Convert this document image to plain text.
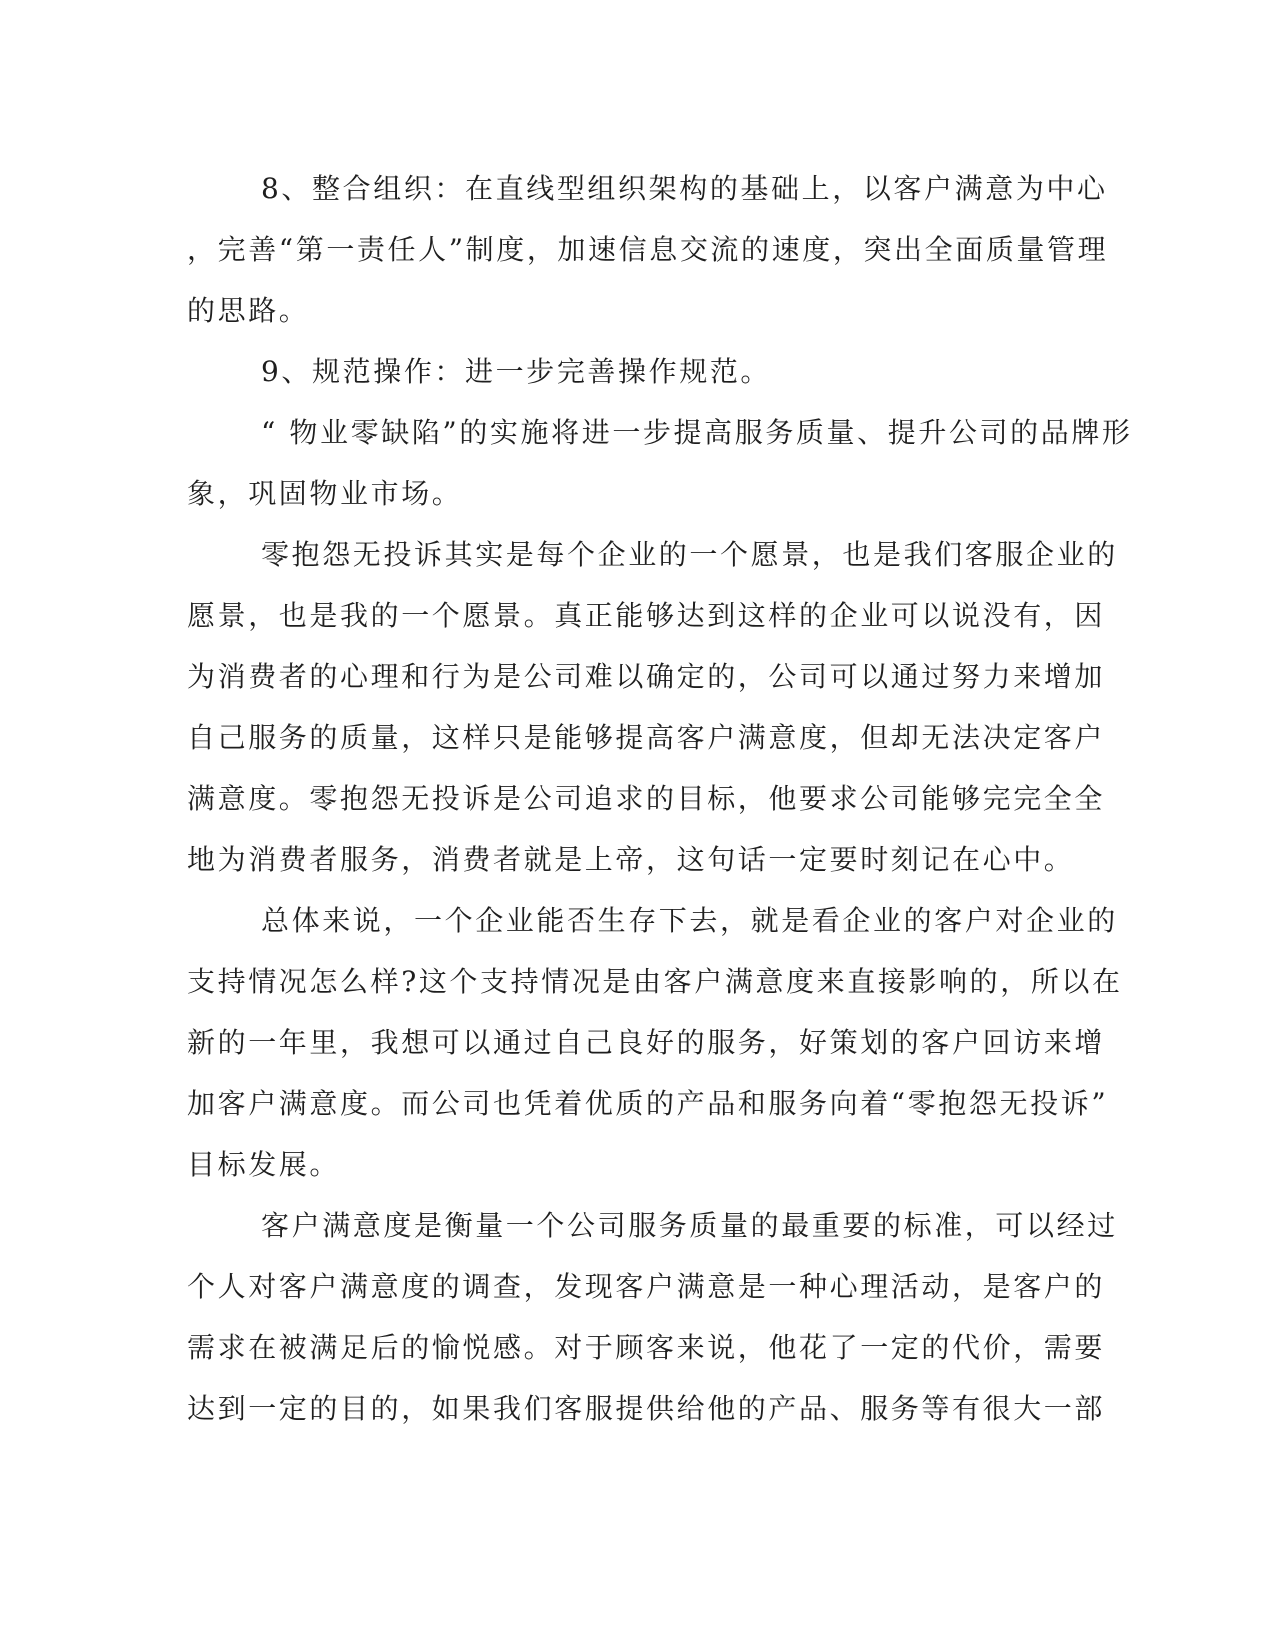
8、整合组织：在直线型组织架构的基础上，以客户满意为中心
，完善“第一责任人”制度，加速信息交流的速度，突出全面质量管理
的思路。
9、规范操作：进一步完善操作规范。
“ 物业零缺陷”的实施将进一步提高服务质量、提升公司的品牌形
象，巩固物业市场。
零抱怨无投诉其实是每个企业的一个愿景，也是我们客服企业的
愿景，也是我的一个愿景。真正能够达到这样的企业可以说没有，因
为消费者的心理和行为是公司难以确定的，公司可以通过努力来增加
自己服务的质量，这样只是能够提高客户满意度，但却无法决定客户
满意度。零抱怨无投诉是公司追求的目标，他要求公司能够完完全全
地为消费者服务，消费者就是上帝，这句话一定要时刻记在心中。
总体来说，一个企业能否生存下去，就是看企业的客户对企业的
支持情况怎么样?这个支持情况是由客户满意度来直接影响的，所以在
新的一年里，我想可以通过自己良好的服务，好策划的客户回访来增
加客户满意度。而公司也凭着优质的产品和服务向着“零抱怨无投诉”
目标发展。
客户满意度是衡量一个公司服务质量的最重要的标准，可以经过
个人对客户满意度的调查，发现客户满意是一种心理活动，是客户的
需求在被满足后的愉悦感。对于顾客来说，他花了一定的代价，需要
达到一定的目的，如果我们客服提供给他的产品、服务等有很大一部
